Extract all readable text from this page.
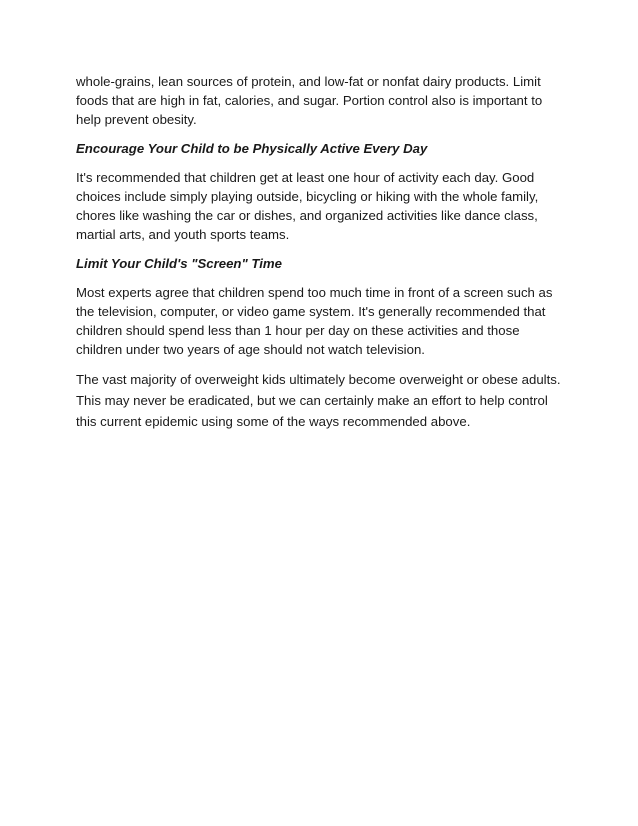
whole-grains, lean sources of protein, and low-fat or nonfat dairy products. Limit foods that are high in fat, calories, and sugar. Portion control also is important to help prevent obesity.

Encourage Your Child to be Physically Active Every Day

It's recommended that children get at least one hour of activity each day. Good choices include simply playing outside, bicycling or hiking with the whole family, chores like washing the car or dishes, and organized activities like dance class, martial arts, and youth sports teams.

Limit Your Child's "Screen" Time

Most experts agree that children spend too much time in front of a screen such as the television, computer, or video game system. It's generally recommended that children should spend less than 1 hour per day on these activities and those children under two years of age should not watch television.

The vast majority of overweight kids ultimately become overweight or obese adults. This may never be eradicated, but we can certainly make an effort to help control this current epidemic using some of the ways recommended above.
